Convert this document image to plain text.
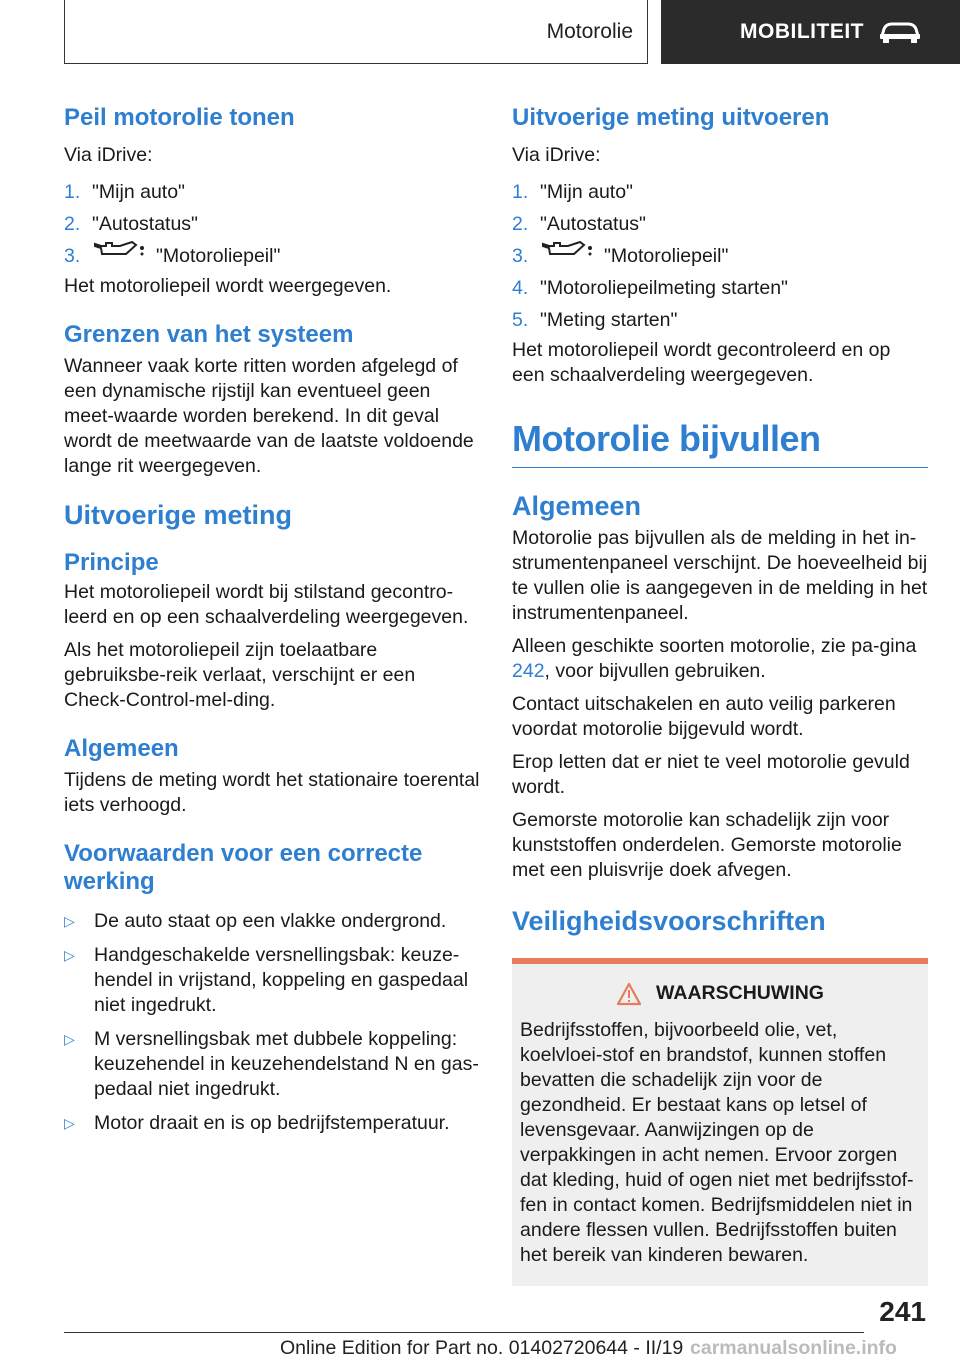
Motorolie	MOBILITEIT
Peil motorolie tonen

Via iDrive:

1. "Mijn auto"
2. "Autostatus"
3.	"Motoroliepeil"

Het motoroliepeil wordt weergegeven.

Grenzen van het systeem

Wanneer vaak korte ritten worden afgelegd of een dynamische rijstijl kan eventueel geen meet-waarde worden berekend. In dit geval wordt de meetwaarde van de laatste voldoende lange rit weergegeven.

Uitvoerige meting
Principe

Het motoroliepeil wordt bij stilstand gecontro-leerd en op een schaalverdeling weergegeven.

Als het motoroliepeil zijn toelaatbare gebruiksbe-reik verlaat, verschijnt er een Check-Control-mel-ding.

Algemeen

Tijdens de meting wordt het stationaire toerental iets verhoogd.

Voorwaarden voor een correcte werking
▷ De auto staat op een vlakke ondergrond.
▷ Handgeschakelde versnellingsbak: keuze-hendel in vrijstand, koppeling en gaspedaal niet ingedrukt.
▷ M versnellingsbak met dubbele koppeling: keuzehendel in keuzehendelstand N en gas-pedaal niet ingedrukt.
▷ Motor draait en is op bedrijfstemperatuur.
Uitvoerige meting uitvoeren

Via iDrive:

1. "Mijn auto"
2. "Autostatus"
3.	"Motoroliepeil"
4. "Motoroliepeilmeting starten"
5. "Meting starten"

Het motoroliepeil wordt gecontroleerd en op een schaalverdeling weergegeven.

Motorolie bijvullen
Algemeen

Motorolie pas bijvullen als de melding in het in-strumentenpaneel verschijnt. De hoeveelheid bij te vullen olie is aangegeven in de melding in het instrumentenpaneel.

Alleen geschikte soorten motorolie, zie pa-gina 242, voor bijvullen gebruiken.

Contact uitschakelen en auto veilig parkeren voordat motorolie bijgevuld wordt.

Erop letten dat er niet te veel motorolie gevuld wordt.

Gemorste motorolie kan schadelijk zijn voor kunststoffen onderdelen. Gemorste motorolie met een pluisvrije doek afvegen.

Veiligheidsvoorschriften
WAARSCHUWING

Bedrijfsstoffen, bijvoorbeeld olie, vet, koelvloei-stof en brandstof, kunnen stoffen bevatten die schadelijk zijn voor de gezondheid. Er bestaat kans op letsel of levensgevaar. Aanwijzingen op de verpakkingen in acht nemen. Ervoor zorgen dat kleding, huid of ogen niet met bedrijfsstof-fen in contact komen. Bedrijfsmiddelen niet in andere flessen vullen. Bedrijfsstoffen buiten het bereik van kinderen bewaren.

241
Online Edition for Part no. 01402720644 - II/19 carmanualsonline.info
